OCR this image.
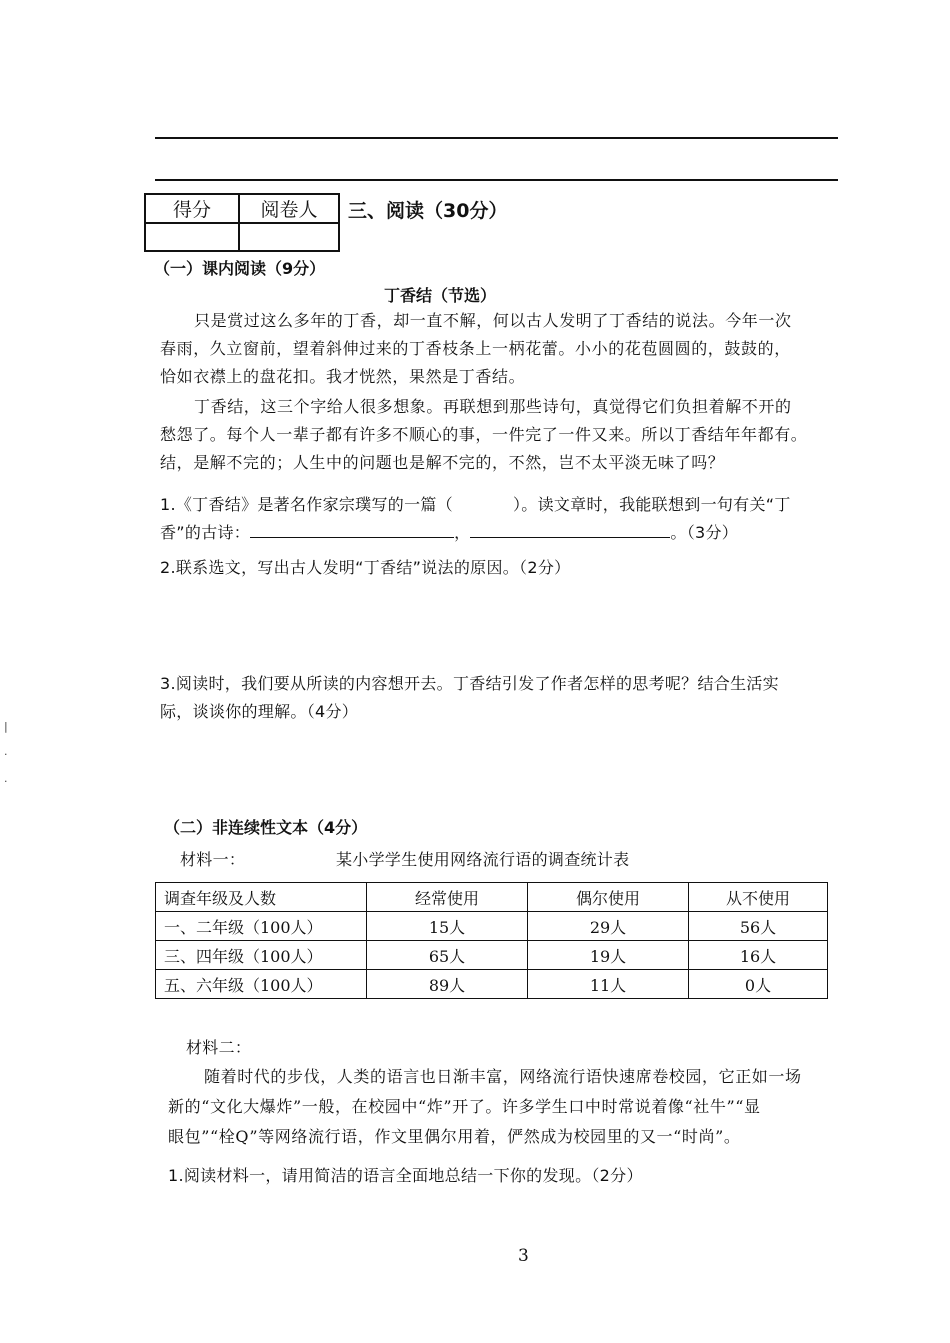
得分	阅卷人
	三、阅读（30分）
（一）课内阅读（9分）
丁香结（节选）
只是赏过这么多年的丁香，却一直不解，何以古人发明了丁香结的说法。今年一次
春雨，久立窗前，望着斜伸过来的丁香枝条上一柄花蕾。小小的花苞圆圆的，鼓鼓的，
恰如衣襟上的盘花扣。我才恍然，果然是丁香结。
丁香结，这三个字给人很多想象。再联想到那些诗句，真觉得它们负担着解不开的
愁怨了。每个人一辈子都有许多不顺心的事，一件完了一件又来。所以丁香结年年都有。
结，是解不完的；人生中的问题也是解不完的，不然，岂不太平淡无味了吗？
1.《丁香结》是著名作家宗璞写的一篇（	）。读文章时，我能联想到一句有关“丁
香”的古诗：	，	。（3分）
2.联系选文，写出古人发明“丁香结”说法的原因。（2分）
3.阅读时，我们要从所读的内容想开去。丁香结引发了作者怎样的思考呢？结合生活实
际，谈谈你的理解。（4分）
（二）非连续性文本（4分）
材料一：	某小学学生使用网络流行语的调查统计表
调查年级及人数	经常使用	偶尔使用	从不使用
一、二年级（100人）	15人	29人	56人
三、四年级（100人）	65人	19人	16人
五、六年级（100人）	89人	11人	0人
材料二：
随着时代的步伐，人类的语言也日渐丰富，网络流行语快速席卷校园，它正如一场
新的“文化大爆炸”一般，在校园中“炸”开了。许多学生口中时常说着像“社牛”“显
眼包”“栓Q”等网络流行语，作文里偶尔用着，俨然成为校园里的又一“时尚”。
1.阅读材料一，请用简洁的语言全面地总结一下你的发现。（2分）
3
|
·
·
